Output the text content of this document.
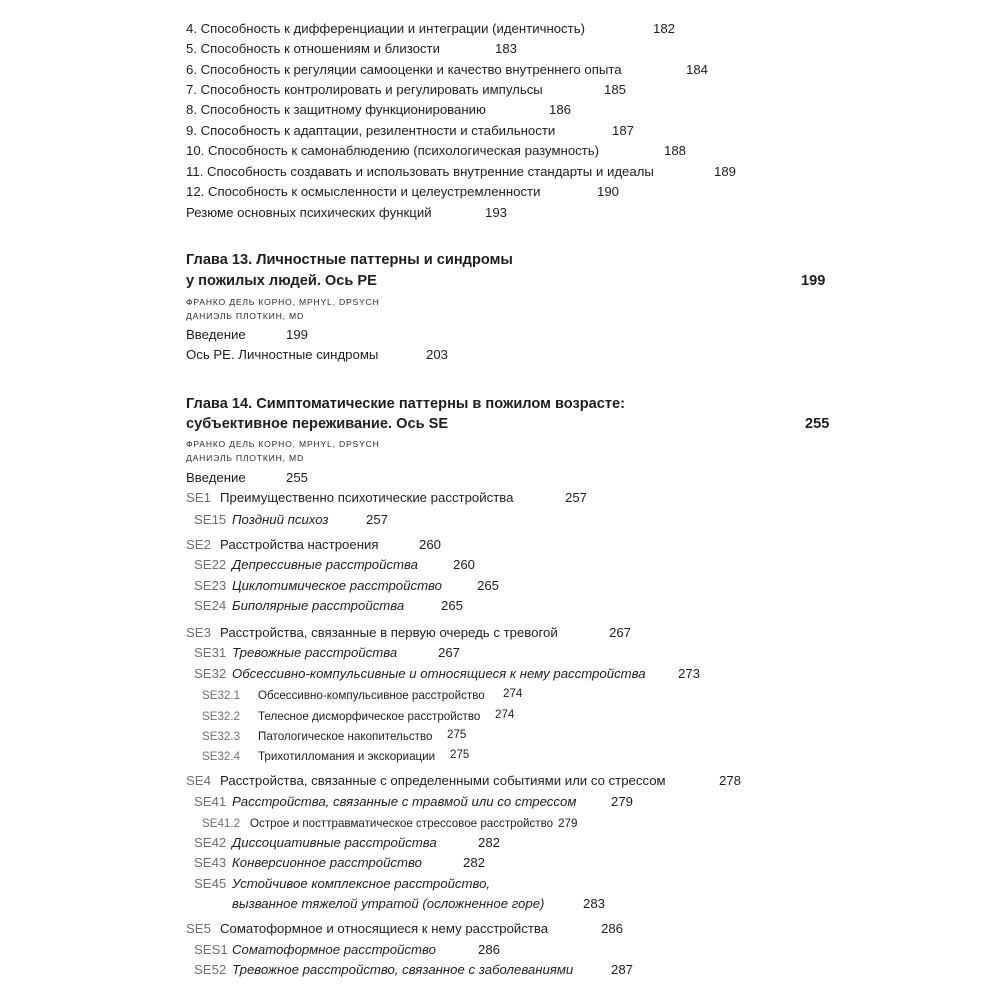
4. Способность к дифференциации и интеграции (идентичность)	182
5. Способность к отношениям и близости	183
6. Способность к регуляции самооценки и качество внутреннего опыта	184
7. Способность контролировать и регулировать импульсы	185
8. Способность к защитному функционированию	186
9. Способность к адаптации, резилентности и стабильности	187
10. Способность к самонаблюдению (психологическая разумность)	188
11. Способность создавать и использовать внутренние стандарты и идеалы	189
12. Способность к осмысленности и целеустремленности	190
Резюме основных психических функций	193
Глава 13. Личностные паттерны и синдромы
у пожилых людей. Ось PE	199
ФРАНКО ДЕЛЬ КОРНО, MPHYL, DPSYCH
ДАНИЭЛЬ ПЛОТКИН, MD
Введение	199
Ось PE. Личностные синдромы	203
Глава 14. Симптоматические паттерны в пожилом возрасте:
субъективное переживание. Ось SE	255
ФРАНКО ДЕЛЬ КОРНО, MPHYL, DPSYCH
ДАНИЭЛЬ ПЛОТКИН, MD
Введение	255
SE1 Преимущественно психотические расстройства	257
SE15 Поздний психоз	257
SE2 Расстройства настроения	260
SE22 Депрессивные расстройства	260
SE23 Циклотимическое расстройство	265
SE24 Биполярные расстройства	265
SE3 Расстройства, связанные в первую очередь с тревогой	267
SE31 Тревожные расстройства	267
SE32 Обсессивно-компульсивные и относящиеся к нему расстройства 273
SE32.1 Обсессивно-компульсивное расстройство 274
SE32.2 Телесное дисморфическое расстройство 274
SE32.3 Патологическое накопительство 275
SE32.4 Трихотилломания и экскориации 275
SE4 Расстройства, связанные с определенными событиями или со стрессом	278
SE41 Расстройства, связанные с травмой или со стрессом	279
SE41.2 Острое и посттравматическое стрессовое расстройство 279
SE42 Диссоциативные расстройства	282
SE43 Конверсионное расстройство	282
SE45 Устойчивое комплексное расстройство,
вызванное тяжелой утратой (осложненное горе)	283
SE5 Соматоформное и относящиеся к нему расстройства	286
SES1 Соматоформное расстройство	286
SE52 Тревожное расстройство, связанное с заболеваниями	287
